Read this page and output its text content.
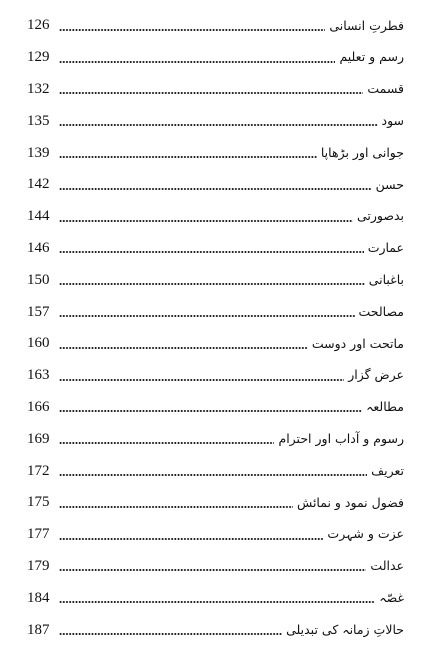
126	فطرتِ انسانی
129	رسم و تعلیم
132	قسمت
135	سود
139	جوانی اور بڑھاپا
142	حسن
144	بدصورتی
146	عمارت
150	باغبانی
157	مصالحت
160	ماتحت اور دوست
163	عرض گزار
166	مطالعہ
169	رسوم و آداب اور احترام
172	تعریف
175	فضول نمود و نمائش
177	عزت و شہرت
179	عدالت
184	غصّہ
187	حالاتِ زمانہ کی تبدیلی
